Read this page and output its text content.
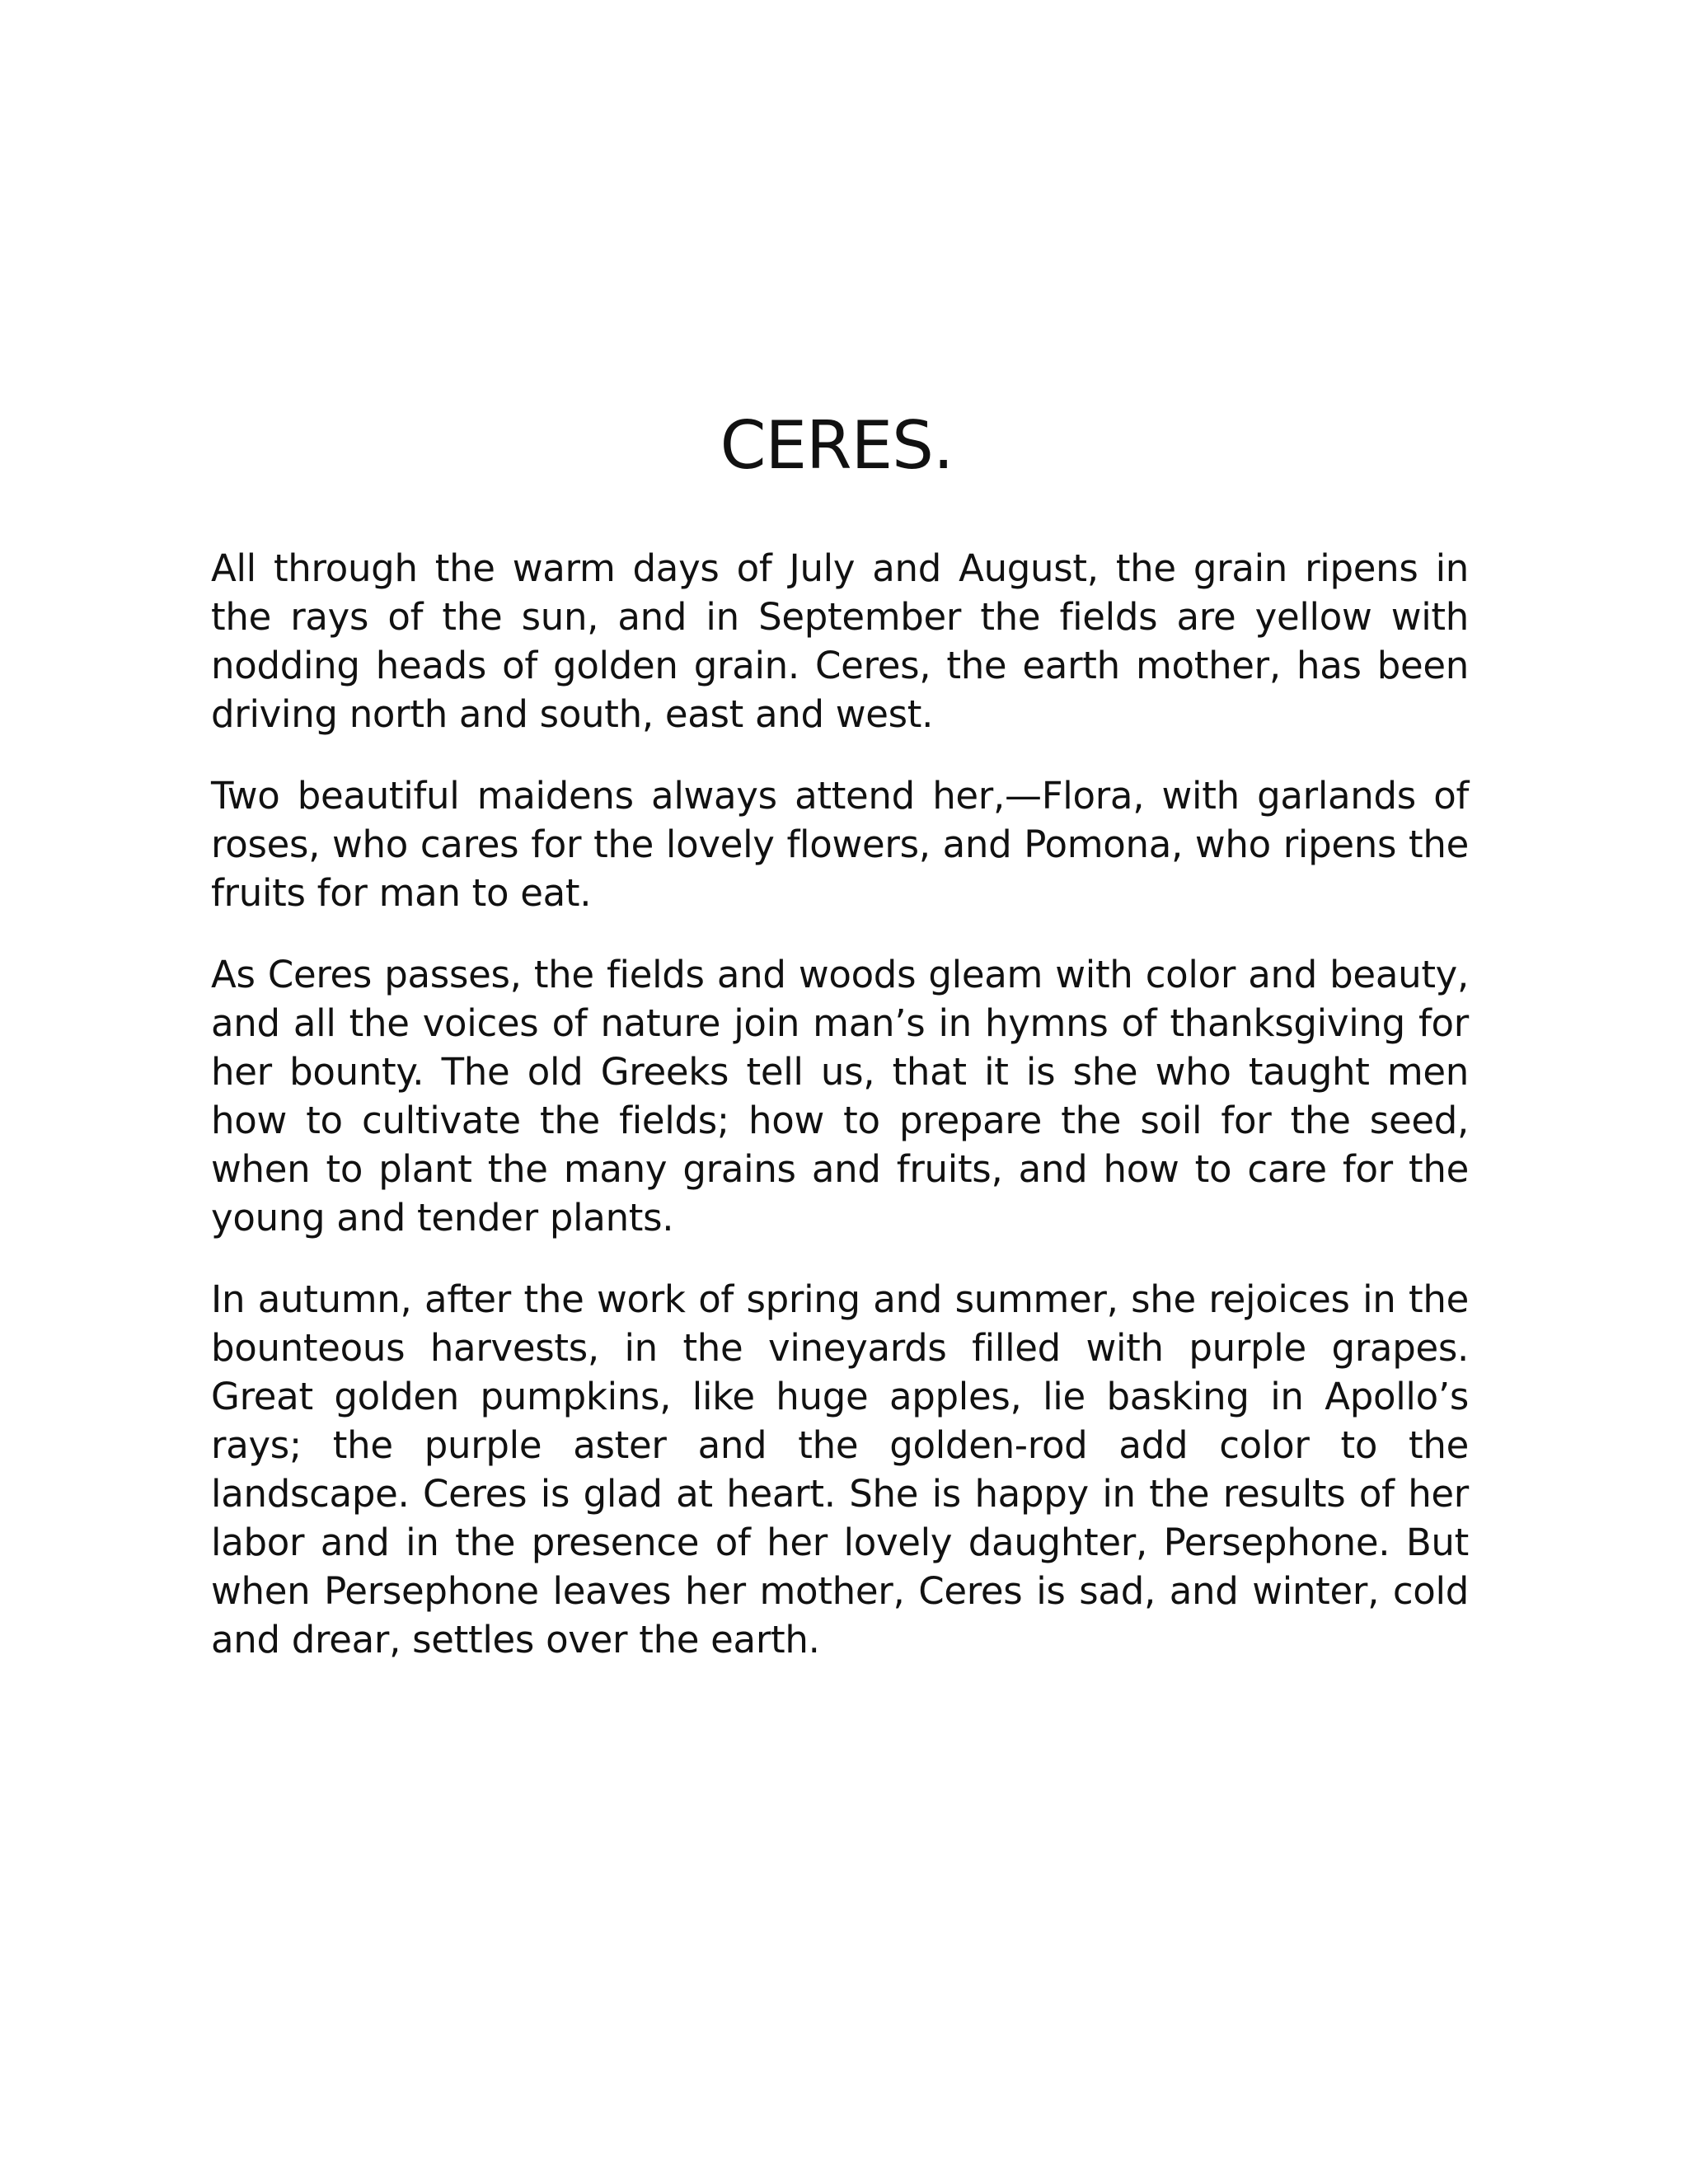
CERES.

All through the warm days of July and August, the grain ripens in the rays of the sun, and in September the fields are yellow with nodding heads of golden grain. Ceres, the earth mother, has been driving north and south, east and west.

Two beautiful maidens always attend her,—Flora, with garlands of roses, who cares for the lovely flowers, and Pomona, who ripens the fruits for man to eat.

As Ceres passes, the fields and woods gleam with color and beauty, and all the voices of nature join man’s in hymns of thanksgiving for her bounty. The old Greeks tell us, that it is she who taught men how to cultivate the fields; how to prepare the soil for the seed, when to plant the many grains and fruits, and how to care for the young and tender plants.

In autumn, after the work of spring and summer, she rejoices in the bounteous harvests, in the vineyards filled with purple grapes. Great golden pumpkins, like huge apples, lie basking in Apollo’s rays; the purple aster and the golden-rod add color to the landscape. Ceres is glad at heart. She is happy in the results of her labor and in the presence of her lovely daughter, Persephone. But when Persephone leaves her mother, Ceres is sad, and winter, cold and drear, settles over the earth.
